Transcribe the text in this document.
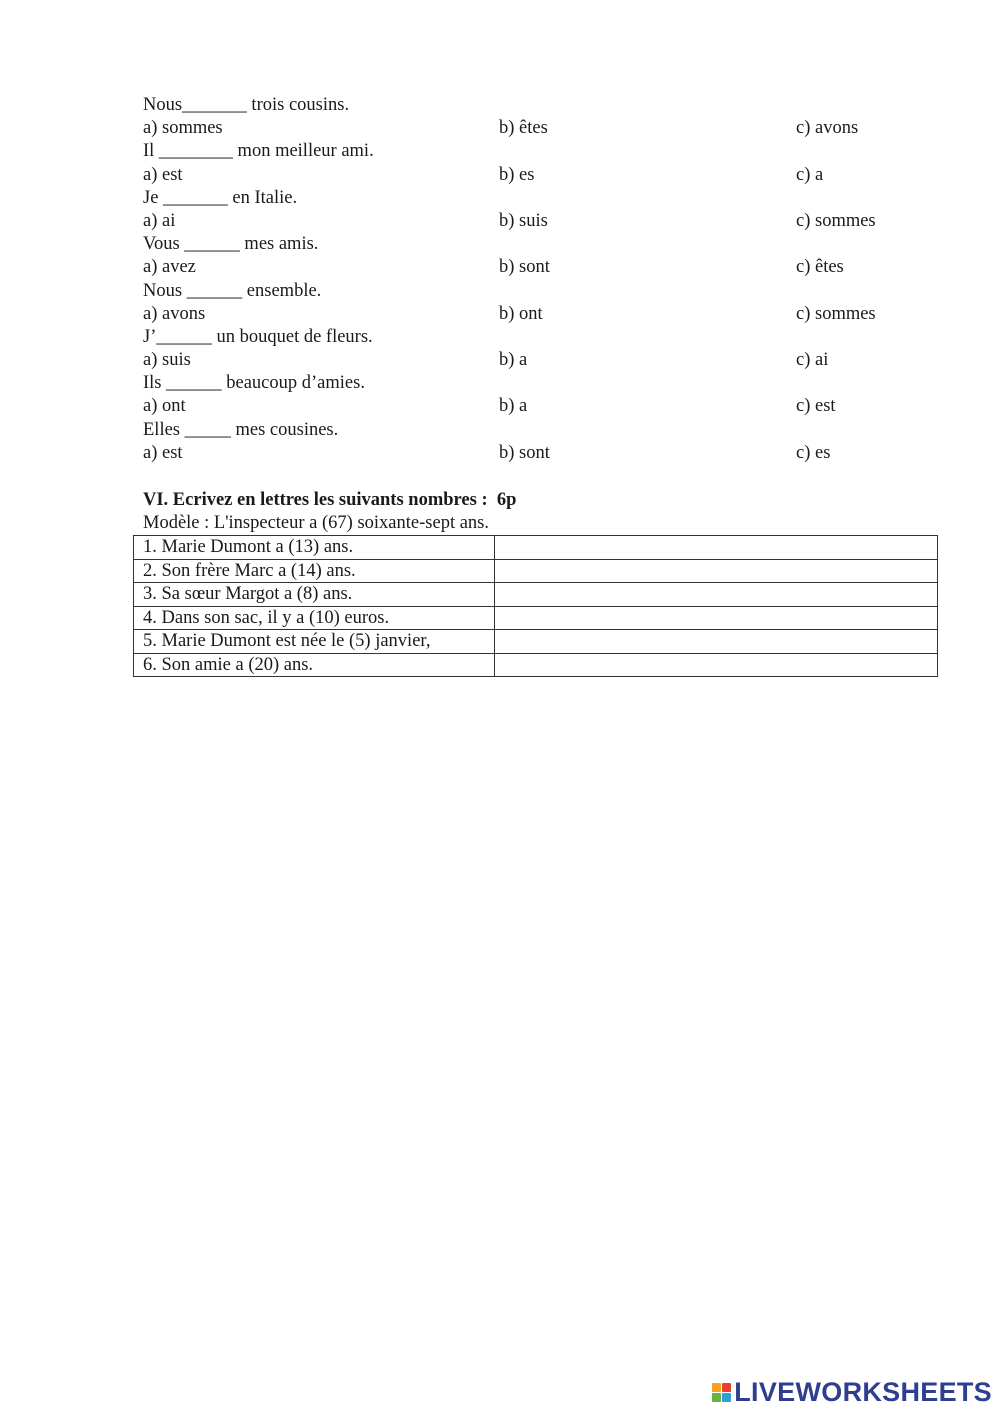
Nous_______ trois cousins.
a) sommes	b) êtes	c) avons
Il ________ mon meilleur ami.
a) est	b) es	c) a
Je _______ en Italie.
a) ai	b) suis	c) sommes
Vous ______ mes amis.
a) avez	b) sont	c) êtes
Nous ______ ensemble.
a) avons	b) ont	c) sommes
J’______ un bouquet de fleurs.
a) suis	b) a	c) ai
Ils ______ beaucoup d’amies.
a) ont	b) a	c) est
Elles _____ mes cousines.
a) est	b) sont	c) es
VI. Ecrivez en lettres les suivants nombres :  6p
Modèle : L'inspecteur a (67) soixante-sept ans.
1. Marie Dumont a (13) ans.	
2. Son frère Marc a (14) ans.	
3. Sa sœur Margot a (8) ans.	
4. Dans son sac, il y a (10) euros.	
5. Marie Dumont est née le (5) janvier,	
6. Son amie a (20) ans.	
LIVEWORKSHEETS
